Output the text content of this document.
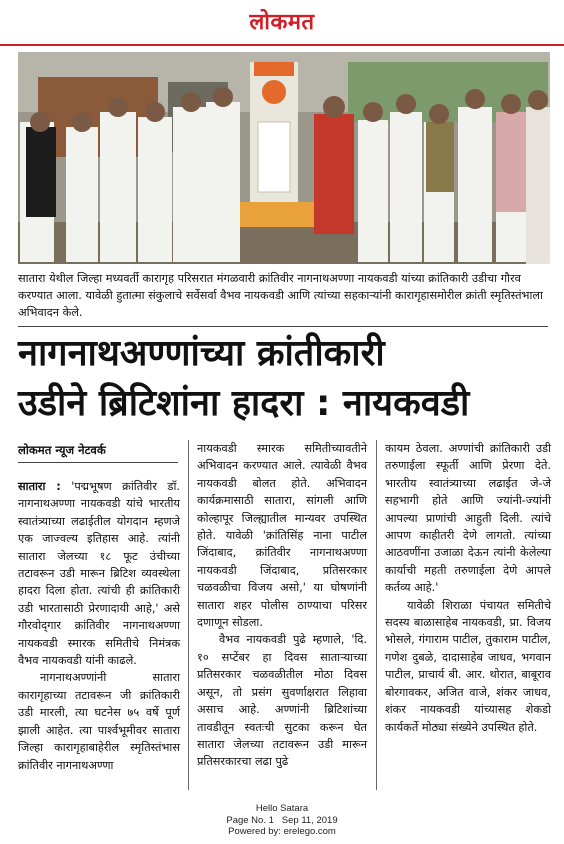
लोकमत
सातारा येथील जिल्हा मध्यवर्ती कारागृह परिसरात मंगळवारी क्रांतिवीर नागनाथअण्णा नायकवडी यांच्या क्रांतिकारी उडीचा गौरव करण्यात आला. यावेळी हुतात्मा संकुलाचे सर्वेसर्वा वैभव नायकवडी आणि त्यांच्या सहकाऱ्यांनी कारागृहासमोरील क्रांती स्मृतिस्तंभाला अभिवादन केले.
नागनाथअण्णांच्या क्रांतीकारी
उडीने ब्रिटिशांना हादरा : नायकवडी
लोकमत न्यूज नेटवर्क

सातारा : 'पद्मभूषण क्रांतिवीर डॉ. नागनाथअण्णा नायकवडी यांचे भारतीय स्वातंत्र्याच्या लढाईतील योगदान म्हणजे एक जाज्वल्य इतिहास आहे. त्यांनी सातारा जेलच्या १८ फूट उंचीच्या तटावरून उडी मारून ब्रिटिश व्यवस्थेला हादरा दिला होता. त्यांची ही क्रांतिकारी उडी भारतासाठी प्रेरणादायी आहे,' असे गौरवोद्‌गार क्रांतिवीर नागनाथअण्णा नायकवडी स्मारक समितीचे निमंत्रक वैभव नायकवडी यांनी काढले.

नागनाथअण्णांनी सातारा कारागृहाच्या तटावरून जी क्रांतिकारी उडी मारली, त्या घटनेस ७५ वर्षे पूर्ण झाली आहेत. त्या पार्श्वभूमीवर सातारा जिल्हा कारागृहाबाहेरील स्मृतिस्तंभास क्रांतिवीर नागनाथअण्णा

नायकवडी स्मारक समितीच्यावतीने अभिवादन करण्यात आले. त्यावेळी वैभव नायकवडी बोलत होते. अभिवादन कार्यक्रमासाठी सातारा, सांगली आणि कोल्हापूर जिल्ह्यातील मान्यवर उपस्थित होते. यावेळी 'क्रांतिसिंह नाना पाटील जिंदाबाद, क्रांतिवीर नागनाथअण्णा नायकवडी जिंदाबाद, प्रतिसरकार चळवळीचा विजय असो,' या घोषणांनी सातारा शहर पोलीस ठाण्याचा परिसर दणाणून सोडला.

वैभव नायकवडी पुढे म्हणाले, 'दि. १० सप्टेंबर हा दिवस साताऱ्याच्या प्रतिसरकार चळवळीतील मोठा दिवस असून, तो प्रसंग सुवर्णाक्षरात लिहावा असाच आहे. अण्णांनी ब्रिटिशांच्या तावडीतून स्वतःची सुटका करून घेत सातारा जेलच्या तटावरून उडी मारून प्रतिसरकारचा लढा पुढे

कायम ठेवला. अण्णांची क्रांतिकारी उडी तरुणाईला स्फूर्ती आणि प्रेरणा देते. भारतीय स्वातंत्र्याच्या लढाईत जे-जे सहभागी होते आणि ज्यांनी-ज्यांनी आपल्या प्राणांची आहुती दिली. त्यांचे आपण काहीतरी देणे लागतो. त्यांच्या आठवणींना उजाळा देऊन त्यांनी केलेल्या कार्याची महती तरुणाईला देणे आपले कर्तव्य आहे.'

यावेळी शिराळा पंचायत समितीचे सदस्य बाळासाहेब नायकवडी, प्रा. विजय भोसले, गंगाराम पाटील, तुकाराम पाटील, गणेश दुबळे, दादासाहेब जाधव, भगवान पाटील, प्राचार्य बी. आर. थोरात, बाबूराव बोरगावकर, अजित वाजे, शंकर जाधव, शंकर नायकवडी यांच्यासह शेकडो कार्यकर्ते मोठ्या संख्येने उपस्थित होते.

Hello Satara
Page No. 1   Sep 11, 2019
Powered by: erelego.com
